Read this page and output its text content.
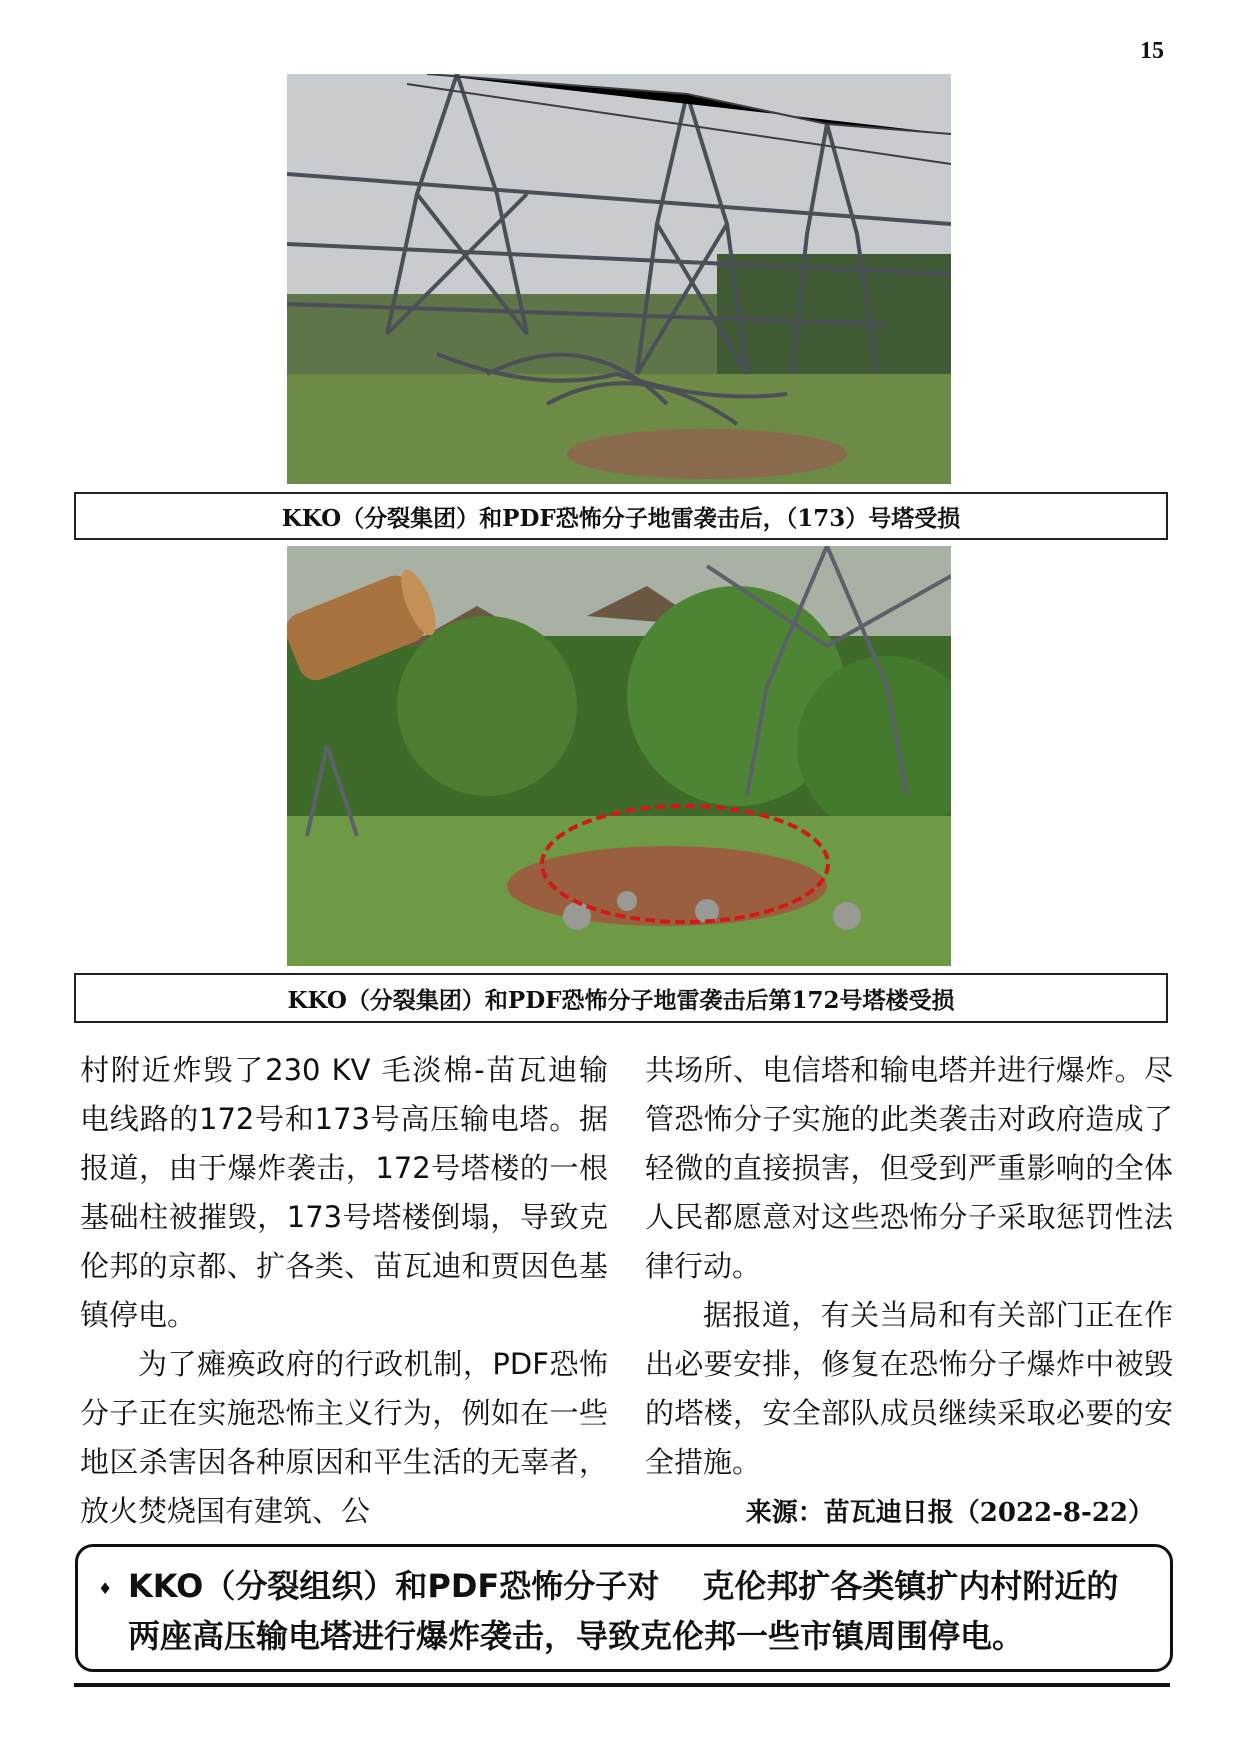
15
KKO（分裂集团）和PDF恐怖分子地雷袭击后，（173）号塔受损
KKO（分裂集团）和PDF恐怖分子地雷袭击后第172号塔楼受损

村附近炸毁了230 KV 毛淡棉-苗瓦迪输电线路的172号和173号高压输电塔。据报道，由于爆炸袭击，172号塔楼的一根基础柱被摧毁，173号塔楼倒塌，导致克伦邦的京都、扩各类、苗瓦迪和贾因色基镇停电。

为了瘫痪政府的行政机制，PDF恐怖分子正在实施恐怖主义行为，例如在一些地区杀害因各种原因和平生活的无辜者，放火焚烧国有建筑、公

共场所、电信塔和输电塔并进行爆炸。尽管恐怖分子实施的此类袭击对政府造成了轻微的直接损害，但受到严重影响的全体人民都愿意对这些恐怖分子采取惩罚性法律行动。

据报道，有关当局和有关部门正在作出必要安排，修复在恐怖分子爆炸中被毁的塔楼，安全部队成员继续采取必要的安全措施。

来源：苗瓦迪日报（2022-8-22）
♦ KKO（分裂组织）和PDF恐怖分子对　 克伦邦扩各类镇扩内村附近的两座高压输电塔进行爆炸袭击，导致克伦邦一些市镇周围停电。
